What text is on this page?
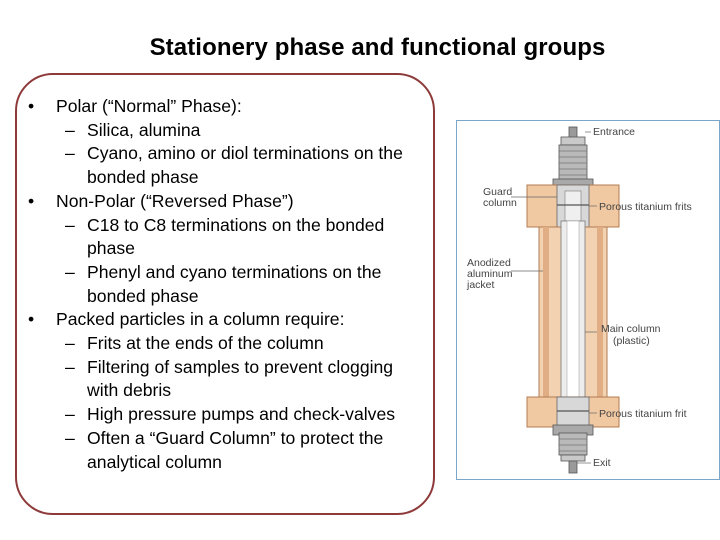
Stationery phase and functional groups
• Polar (“Normal” Phase):
– Silica, alumina
– Cyano, amino or diol terminations on the bonded phase
• Non-Polar (“Reversed Phase”)
– C18 to C8 terminations on the bonded phase
– Phenyl and cyano terminations on the bonded phase
• Packed particles in a column require:
– Frits at the ends of the column
– Filtering of samples to prevent clogging with debris
– High pressure pumps and check-valves
– Often a “Guard Column” to protect the analytical column
Entrance
Guard
column	Porous titanium frits
Anodized
aluminum
jacket
Main column
(plastic)
Porous titanium frit
Exit
